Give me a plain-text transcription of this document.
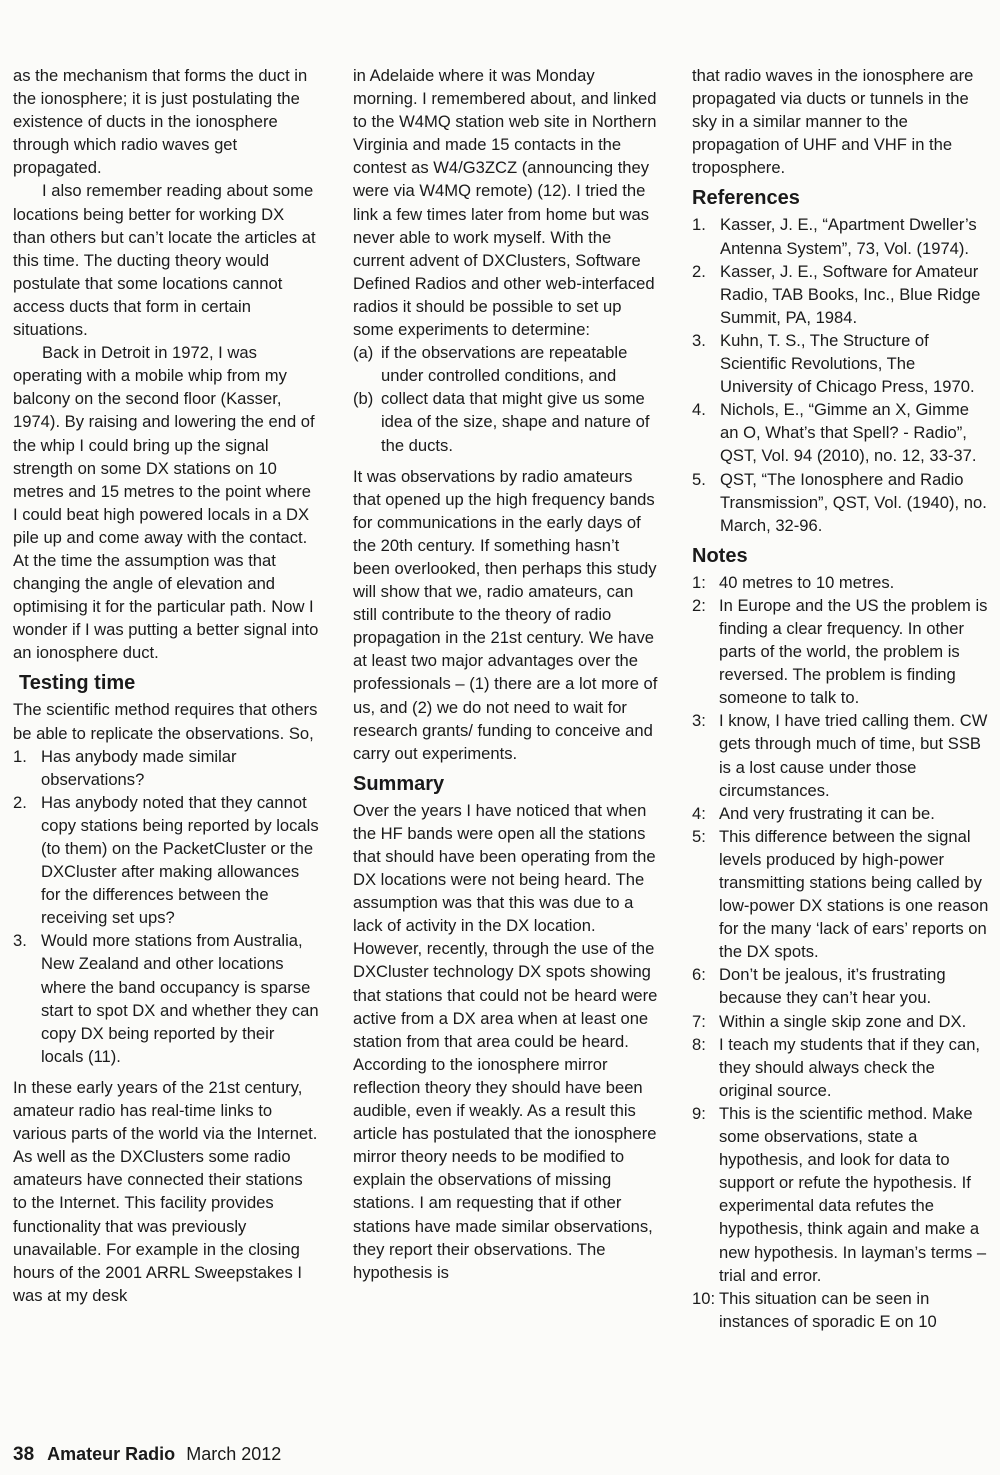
as the mechanism that forms the duct in the ionosphere; it is just postulating the existence of ducts in the ionosphere through which radio waves get propagated.

I also remember reading about some locations being better for working DX than others but can’t locate the articles at this time. The ducting theory would postulate that some locations cannot access ducts that form in certain situations.

Back in Detroit in 1972, I was operating with a mobile whip from my balcony on the second floor (Kasser, 1974). By raising and lowering the end of the whip I could bring up the signal strength on some DX stations on 10 metres and 15 metres to the point where I could beat high powered locals in a DX pile up and come away with the contact. At the time the assumption was that changing the angle of elevation and optimising it for the particular path. Now I wonder if I was putting a better signal into an ionosphere duct.

Testing time

The scientific method requires that others be able to replicate the observations. So,

1. Has anybody made similar observations?
2. Has anybody noted that they cannot copy stations being reported by locals (to them) on the PacketCluster or the DXCluster after making allowances for the differences between the receiving set ups?
3. Would more stations from Australia, New Zealand and other locations where the band occupancy is sparse start to spot DX and whether they can copy DX being reported by their locals (11).

In these early years of the 21st century, amateur radio has real-time links to various parts of the world via the Internet. As well as the DXClusters some radio amateurs have connected their stations to the Internet. This facility provides functionality that was previously unavailable. For example in the closing hours of the 2001 ARRL Sweepstakes I was at my desk

in Adelaide where it was Monday morning. I remembered about, and linked to the W4MQ station web site in Northern Virginia and made 15 contacts in the contest as W4/G3ZCZ (announcing they were via W4MQ remote) (12). I tried the link a few times later from home but was never able to work myself. With the current advent of DXClusters, Software Defined Radios and other web-interfaced radios it should be possible to set up some experiments to determine:

(a) if the observations are repeatable under controlled conditions, and
(b) collect data that might give us some idea of the size, shape and nature of the ducts.

It was observations by radio amateurs that opened up the high frequency bands for communications in the early days of the 20th century. If something hasn’t been overlooked, then perhaps this study will show that we, radio amateurs, can still contribute to the theory of radio propagation in the 21st century. We have at least two major advantages over the professionals – (1) there are a lot more of us, and (2) we do not need to wait for research grants/ funding to conceive and carry out experiments.

Summary

Over the years I have noticed that when the HF bands were open all the stations that should have been operating from the DX locations were not being heard. The assumption was that this was due to a lack of activity in the DX location. However, recently, through the use of the DXCluster technology DX spots showing that stations that could not be heard were active from a DX area when at least one station from that area could be heard. According to the ionosphere mirror reflection theory they should have been audible, even if weakly. As a result this article has postulated that the ionosphere mirror theory needs to be modified to explain the observations of missing stations. I am requesting that if other stations have made similar observations, they report their observations. The hypothesis is

that radio waves in the ionosphere are propagated via ducts or tunnels in the sky in a similar manner to the propagation of UHF and VHF in the troposphere.

References
1. Kasser, J. E., “Apartment Dweller’s Antenna System”, 73, Vol. (1974).
2. Kasser, J. E., Software for Amateur Radio, TAB Books, Inc., Blue Ridge Summit, PA, 1984.
3. Kuhn, T. S., The Structure of Scientific Revolutions, The University of Chicago Press, 1970.
4. Nichols, E., “Gimme an X, Gimme an O, What’s that Spell? - Radio”, QST, Vol. 94 (2010), no. 12, 33-37.
5. QST, “The Ionosphere and Radio Transmission”, QST, Vol. (1940), no. March, 32-96.
Notes
1: 40 metres to 10 metres.
2: In Europe and the US the problem is finding a clear frequency. In other parts of the world, the problem is reversed. The problem is finding someone to talk to.
3: I know, I have tried calling them. CW gets through much of time, but SSB is a lost cause under those circumstances.
4: And very frustrating it can be.
5: This difference between the signal levels produced by high-power transmitting stations being called by low-power DX stations is one reason for the many ‘lack of ears’ reports on the DX spots.
6: Don’t be jealous, it’s frustrating because they can’t hear you.
7: Within a single skip zone and DX.
8: I teach my students that if they can, they should always check the original source.
9: This is the scientific method. Make some observations, state a hypothesis, and look for data to support or refute the hypothesis. If experimental data refutes the hypothesis, think again and make a new hypothesis. In layman’s terms – trial and error.
10: This situation can be seen in instances of sporadic E on 10
38 Amateur Radio March 2012
